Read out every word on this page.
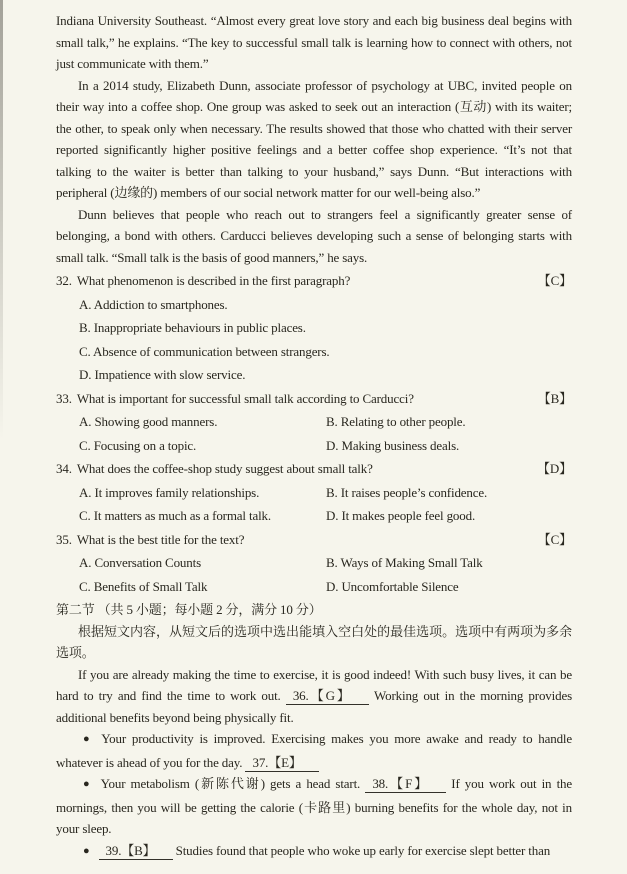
Indiana University Southeast. “Almost every great love story and each big business deal begins with small talk,” he explains. “The key to successful small talk is learning how to connect with others, not just communicate with them.”

In a 2014 study, Elizabeth Dunn, associate professor of psychology at UBC, invited people on their way into a coffee shop. One group was asked to seek out an interaction (互动) with its waiter; the other, to speak only when necessary. The results showed that those who chatted with their server reported significantly higher positive feelings and a better coffee shop experience. “It’s not that talking to the waiter is better than talking to your husband,” says Dunn. “But interactions with peripheral (边缘的) members of our social network matter for our well-being also.”

Dunn believes that people who reach out to strangers feel a significantly greater sense of belonging, a bond with others. Carducci believes developing such a sense of belonging starts with small talk. “Small talk is the basis of good manners,” he says.

32. What phenomenon is described in the first paragraph?	【C】
A. Addiction to smartphones.
B. Inappropriate behaviours in public places.
C. Absence of communication between strangers.
D. Impatience with slow service.
33. What is important for successful small talk according to Carducci?	【B】
A. Showing good manners.	B. Relating to other people.
C. Focusing on a topic.	D. Making business deals.
34. What does the coffee-shop study suggest about small talk?	【D】
A. It improves family relationships.	B. It raises people’s confidence.
C. It matters as much as a formal talk.	D. It makes people feel good.
35. What is the best title for the text?	【C】
A. Conversation Counts	B. Ways of Making Small Talk
C. Benefits of Small Talk	D. Uncomfortable Silence
第二节 （共 5 小题；每小题 2 分，满分 10 分）

根据短文内容，从短文后的选项中选出能填入空白处的最佳选项。选项中有两项为多余选项。

If you are already making the time to exercise, it is good indeed! With such busy lives, it can be hard to try and find the time to work out. 36.【G】 Working out in the morning provides additional benefits beyond being physically fit.

● Your productivity is improved. Exercising makes you more awake and ready to handle whatever is ahead of you for the day. 37.【E】

● Your metabolism (新陈代谢) gets a head start. 38.【F】 If you work out in the mornings, then you will be getting the calorie (卡路里) burning benefits for the whole day, not in your sleep.

● 39.【B】 Studies found that people who woke up early for exercise slept better than
